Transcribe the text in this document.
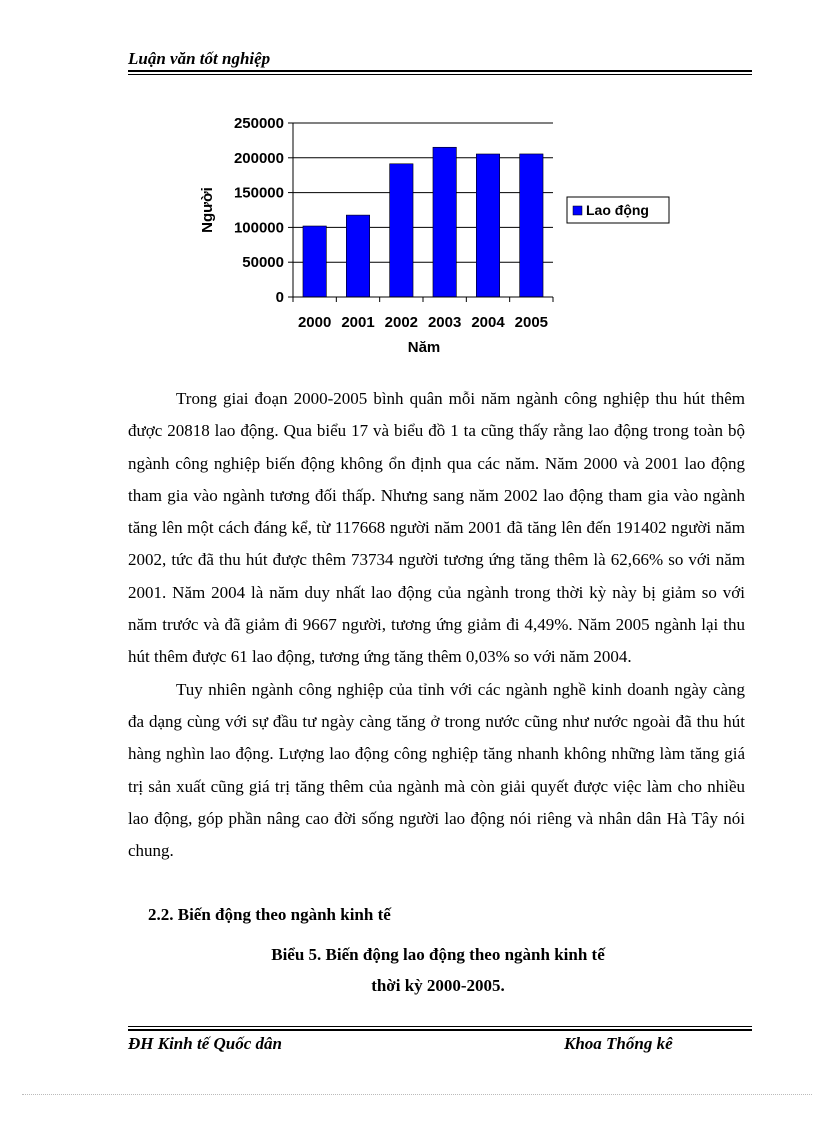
Luận văn tốt nghiệp
0
50000
100000
150000
200000
250000
2000 2001 2002 2003 2004 2005
Người
Năm
Lao động

Trong giai đoạn 2000-2005 bình quân mỗi năm ngành công nghiệp thu hút thêm được 20818 lao động. Qua biểu 17 và biểu đồ 1 ta cũng thấy rằng lao động trong toàn bộ ngành công nghiệp biến động không ổn định qua các năm. Năm 2000 và 2001 lao động tham gia vào ngành tương đối thấp. Nhưng sang năm 2002 lao động tham gia vào ngành tăng lên một cách đáng kể, từ 117668 người năm 2001 đã tăng lên đến 191402 người năm 2002, tức đã thu hút được thêm 73734 người tương ứng tăng thêm là 62,66% so với năm 2001. Năm 2004 là năm duy nhất lao động của ngành trong thời kỳ này bị giảm so với năm trước và đã giảm đi 9667 người, tương ứng giảm đi 4,49%. Năm 2005 ngành lại thu hút thêm được 61 lao động, tương ứng tăng thêm 0,03% so với năm 2004.

Tuy nhiên ngành công nghiệp của tỉnh với các ngành nghề kinh doanh ngày càng đa dạng cùng với sự đầu tư ngày càng tăng ở trong nước cũng như nước ngoài đã thu hút hàng nghìn lao động. Lượng lao động công nghiệp tăng nhanh không những làm tăng giá trị sản xuất cũng giá trị tăng thêm của ngành mà còn giải quyết được việc làm cho nhiều lao động, góp phần nâng cao đời sống người lao động nói riêng và nhân dân Hà Tây nói chung.

2.2. Biến động theo ngành kinh tế
Biểu 5. Biến động lao động theo ngành kinh tế
thời kỳ 2000-2005.
ĐH Kinh tế Quốc dân	Khoa Thống kê
